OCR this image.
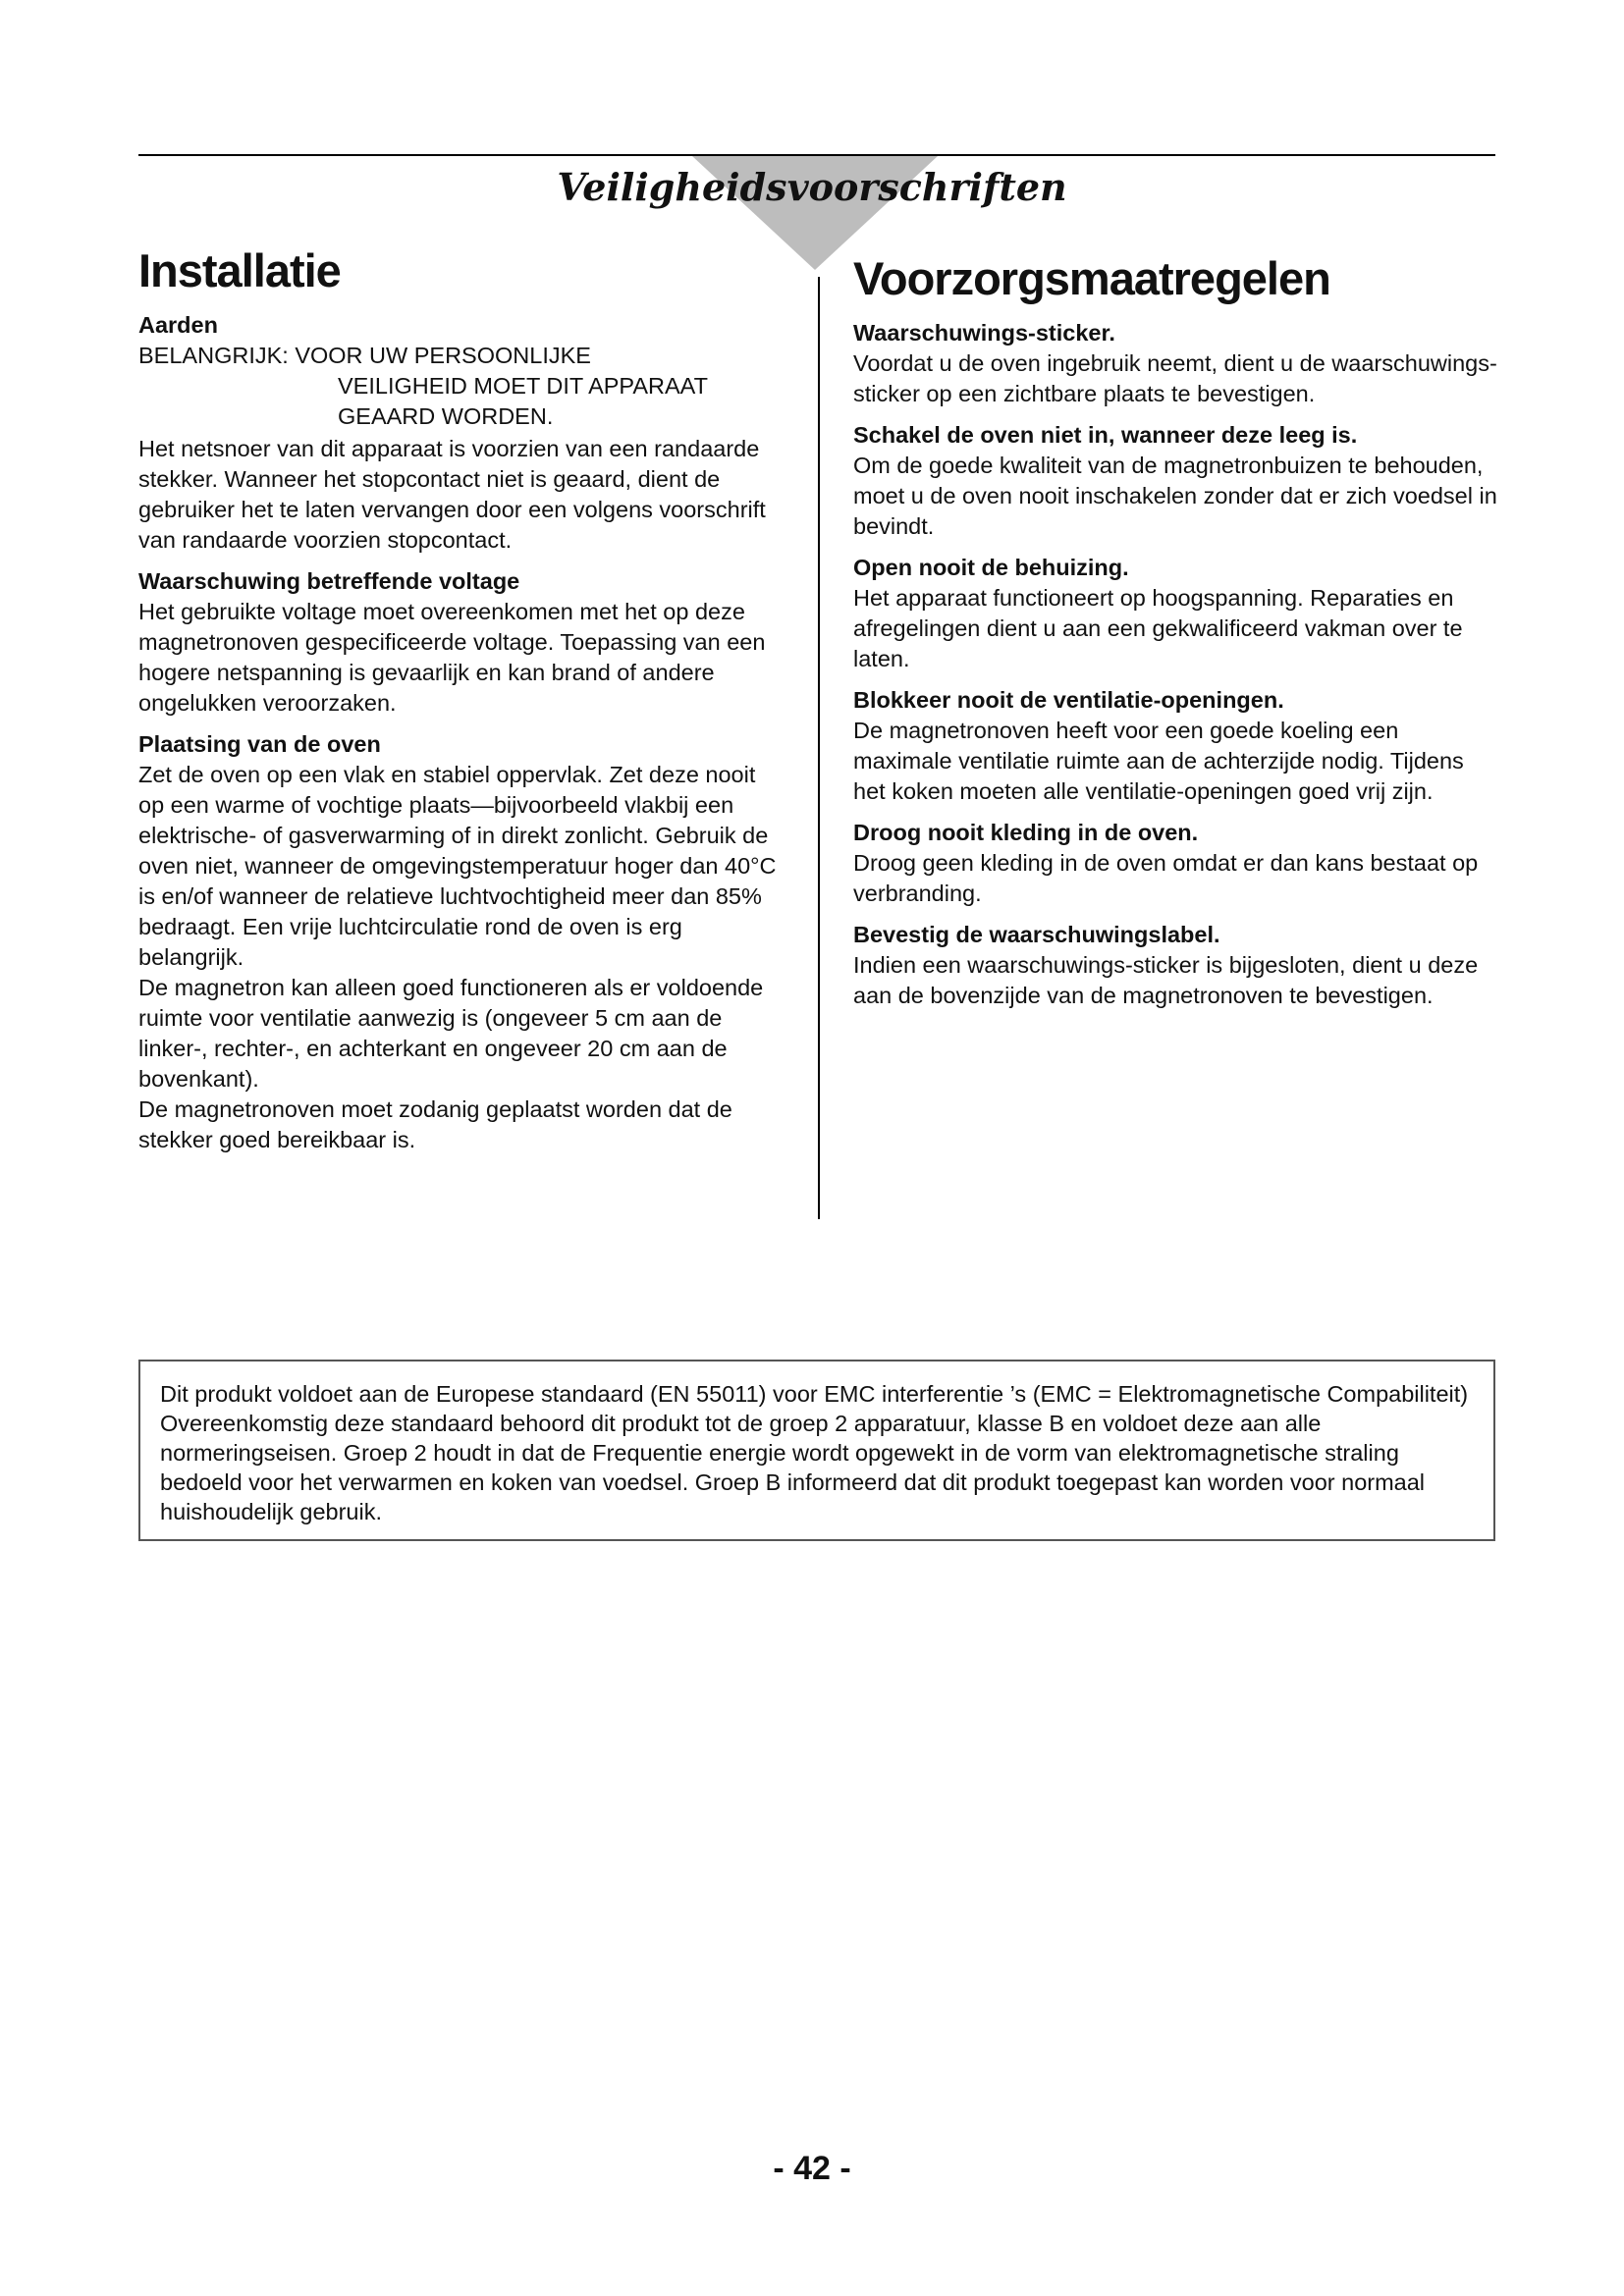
Veiligheidsvoorschriften
Installatie
Aarden
BELANGRIJK: VOOR UW PERSOONLIJKE
VEILIGHEID MOET DIT APPARAAT
GEAARD WORDEN.

Het netsnoer van dit apparaat is voorzien van een randaarde stekker. Wanneer het stopcontact niet is geaard, dient de gebruiker het te laten vervangen door een volgens voorschrift van randaarde voorzien stopcontact.

Waarschuwing betreffende voltage

Het gebruikte voltage moet overeenkomen met het op deze magnetronoven gespecificeerde voltage. Toepassing van een hogere netspanning is gevaarlijk en kan brand of andere ongelukken veroorzaken.

Plaatsing van de oven

Zet de oven op een vlak en stabiel oppervlak. Zet deze nooit op een warme of vochtige plaats—bijvoorbeeld vlakbij een elektrische- of gasverwarming of in direkt zonlicht. Gebruik de oven niet, wanneer de omgevingstemperatuur hoger dan 40°C is en/of wanneer de relatieve luchtvochtigheid meer dan 85% bedraagt. Een vrije luchtcirculatie rond de oven is erg belangrijk.

De magnetron kan alleen goed functioneren als er voldoende ruimte voor ventilatie aanwezig is (ongeveer 5 cm aan de linker-, rechter-, en achterkant en ongeveer 20 cm aan de bovenkant).

De magnetronoven moet zodanig geplaatst worden dat de stekker goed bereikbaar is.

Voorzorgsmaatregelen
Waarschuwings-sticker.

Voordat u de oven ingebruik neemt, dient u de waarschuwings-sticker op een zichtbare plaats te bevestigen.

Schakel de oven niet in, wanneer deze leeg is.

Om de goede kwaliteit van de magnetronbuizen te behouden, moet u de oven nooit inschakelen zonder dat er zich voedsel in bevindt.

Open nooit de behuizing.

Het apparaat functioneert op hoogspanning. Reparaties en afregelingen dient u aan een gekwalificeerd vakman over te laten.

Blokkeer nooit de ventilatie-openingen.

De magnetronoven heeft voor een goede koeling een maximale ventilatie ruimte aan de achterzijde nodig. Tijdens het koken moeten alle ventilatie-openingen goed vrij zijn.

Droog nooit kleding in de oven.

Droog geen kleding in de oven omdat er dan kans bestaat op verbranding.

Bevestig de waarschuwingslabel.

Indien een waarschuwings-sticker is bijgesloten, dient u deze aan de bovenzijde van de magnetronoven te bevestigen.

Dit produkt voldoet aan de Europese standaard (EN 55011) voor EMC interferentie ’s (EMC = Elektromagnetische Compabiliteit) Overeenkomstig deze standaard behoord dit produkt tot de groep 2 apparatuur, klasse B en voldoet deze aan alle normeringseisen. Groep 2 houdt in dat de Frequentie energie wordt opgewekt in de vorm van elektromagnetische straling bedoeld voor het verwarmen en koken van voedsel. Groep B informeerd dat dit produkt toegepast kan worden voor normaal huishoudelijk gebruik.
- 42 -
